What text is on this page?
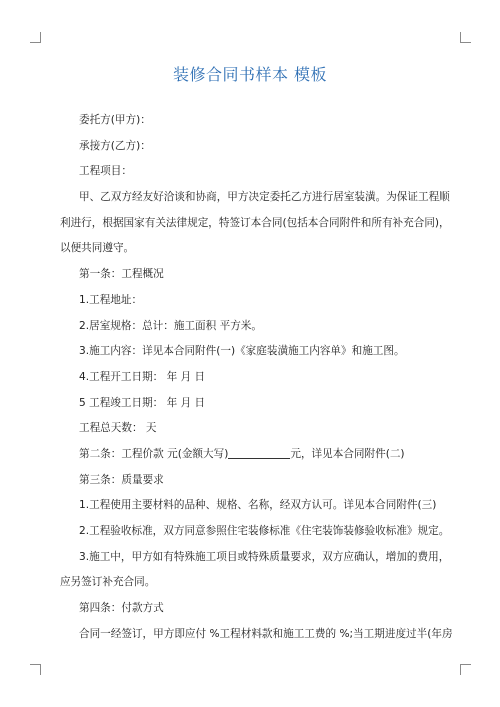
装修合同书样本 模板
委托方(甲方)：
承接方(乙方)：
工程项目：
甲、乙双方经友好洽谈和协商，甲方决定委托乙方进行居室装潢。为保证工程顺
利进行，根据国家有关法律规定，特签订本合同(包括本合同附件和所有补充合同)，
以便共同遵守。
第一条：工程概况
1.工程地址：
2.居室规格：总计：施工面积 平方米。
3.施工内容：详见本合同附件(一)《家庭装潢施工内容单》和施工图。
4.工程开工日期： 年 月 日
5 工程竣工日期： 年 月 日
工程总天数： 天
第二条：工程价款 元(金额大写)	元，详见本合同附件(二)
第三条：质量要求
1.工程使用主要材料的品种、规格、名称，经双方认可。详见本合同附件(三)
2.工程验收标准，双方同意参照住宅装修标准《住宅装饰装修验收标准》规定。
3.施工中，甲方如有特殊施工项目或特殊质量要求，双方应确认，增加的费用，
应另签订补充合同。
第四条：付款方式
合同一经签订，甲方即应付 %工程材料款和施工工费的 %;当工期进度过半(年房
